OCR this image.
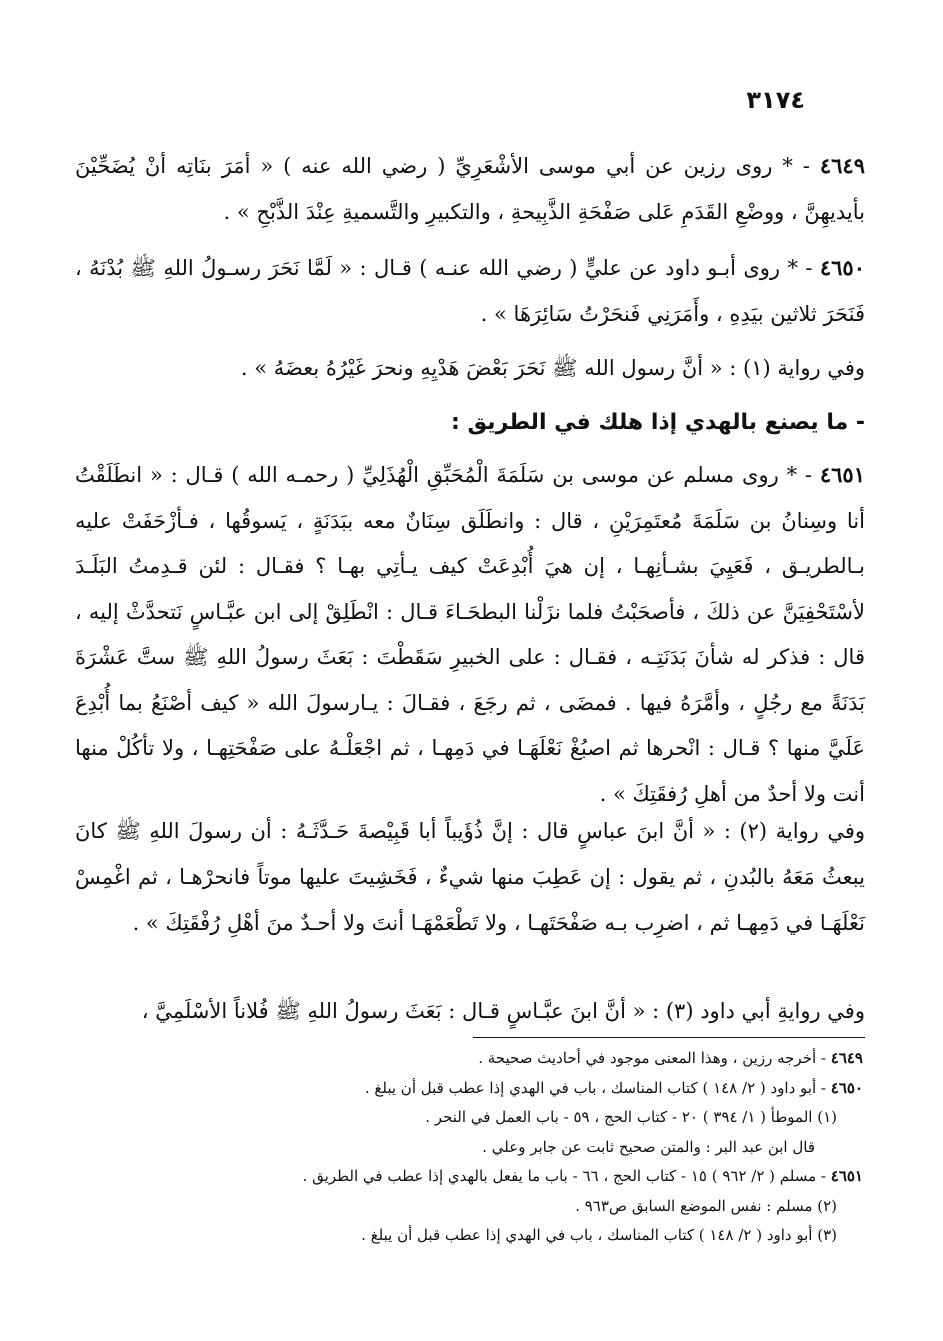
٣١٧٤

٤٦٤٩ - * روى رزين عن أبي موسى الأشْعَرِيِّ ( رضي الله عنه ) « أمَرَ بنَاتِه أنْ يُضَحِّيْنَ بأيديهِنَّ ، ووضْعِ القَدَمِ عَلى صَفْحَةِ الذَّبِيحةِ ، والتكبيرِ والتَّسميةِ عِنْدَ الذَّبْحِ » .

٤٦٥٠ - * روى أبـو داود عن عليٍّ ( رضي الله عنـه ) قـال : « لَمَّا نَحَرَ رسـولُ اللهِ ﷺ بُدْنَهُ ، فَنَحَرَ ثلاثين بيَدِهِ ، وأَمَرَنِي فَنحَرْتُ سَائِرَهَا » .

وفي رواية (١) : « أنَّ رسول الله ﷺ نَحَرَ بَعْضَ هَدْيِهِ ونحرَ غَيْرُهُ بعضَهُ » .

- ما يصنع بالهدي إذا هلك في الطريق :

٤٦٥١ - * روى مسلم عن موسى بن سَلَمَةَ الْمُحَبِّقِ الْهُذَلِيِّ ( رحمـه الله ) قـال : « انطَلَقْتُ أنا وسِنانُ بن سَلَمَةَ مُعتَمِرَيْنِ ، قال : وانطَلَق سِنَانٌ معه ببَدَنَةٍ ، يَسوقُها ، فـأزْحَفَتْ عليه بـالطريـق ، فَعَيِيَ بشـأنِهـا ، إن هيَ أُبْدِعَتْ كيف يـأتِي بهـا ؟ فقـال : لئن قـدِمتُ البَلَـدَ لأسْتَحْفِيَنَّ عن ذلكَ ، فأصحَبْتُ فلما نزَلْنا البطحَـاءَ قـال : انْطَلِقْ إلى ابن عبَّـاسٍ نَتحدَّثْ إليه ، قال : فذكر له شأنَ بَدَنَتِـه ، فقـال : على الخبيرِ سَقَطْتَ : بَعَثَ رسولُ اللهِ ﷺ ستَّ عَشْرَةَ بَدَنَةً مع رجُلٍ ، وأمَّرَهُ فيها . فمضَى ، ثم رجَعَ ، فقـالَ : يـارسولَ الله « كيف أصْنَعُ بما أُبْدِعَ عَلَيَّ منها ؟ قـال : انْحرها ثم اصبُغْ نَعْلَهَـا في دَمِهـا ، ثم اجْعَلْـهُ على صَفْحَتِهـا ، ولا تأكُلْ منها أنت ولا أحدٌ من أهلِ رُفقَتِكَ » .

وفي رواية (٢) : « أنَّ ابنَ عباسٍ قال : إنَّ ذُؤَيباً أبا قَبِيْصةَ حَـدَّثَـهُ : أن رسولَ اللهِ ﷺ كانَ يبعثُ مَعَهُ بالبُدنِ ، ثم يقول : إن عَطِبَ منها شيءٌ ، فَخَشِيتَ عليها موتاً فانحرْهـا ، ثم اغْمِسْ نَعْلَهَـا في دَمِهـا ثم ، اضرِب بـه صَفْحَتَهـا ، ولا تَطْعَمْهَـا أنتَ ولا أحـدٌ منَ أهْلِ رُفْقَتِكَ » .

وفي روايةِ أبي داود (٣) : « أنَّ ابنَ عبَّـاسٍ قـال : بَعَثَ رسولُ اللهِ ﷺ فُلاناً الأسْلَمِيَّ ،

٤٦٤٩ - أخرجه رزين ، وهذا المعنى موجود في أحاديث صحيحة .
٤٦٥٠ - أبو داود ( ٢/ ١٤٨ ) كتاب المناسك ، باب في الهدي إذا عطب قبل أن يبلغ .
(١) الموطأ ( ١/ ٣٩٤ ) ٢٠ - كتاب الحج ، ٥٩ - باب العمل في النحر .
قال ابن عبد البر : والمتن صحيح ثابت عن جابر وعلي .
٤٦٥١ - مسلم ( ٢/ ٩٦٢ ) ١٥ - كتاب الحج ، ٦٦ - باب ما يفعل بالهدي إذا عطب في الطريق .
(٢) مسلم : نفس الموضع السابق ص٩٦٣ .
(٣) أبو داود ( ٢/ ١٤٨ ) كتاب المناسك ، باب في الهدي إذا عطب قبل أن يبلغ .
